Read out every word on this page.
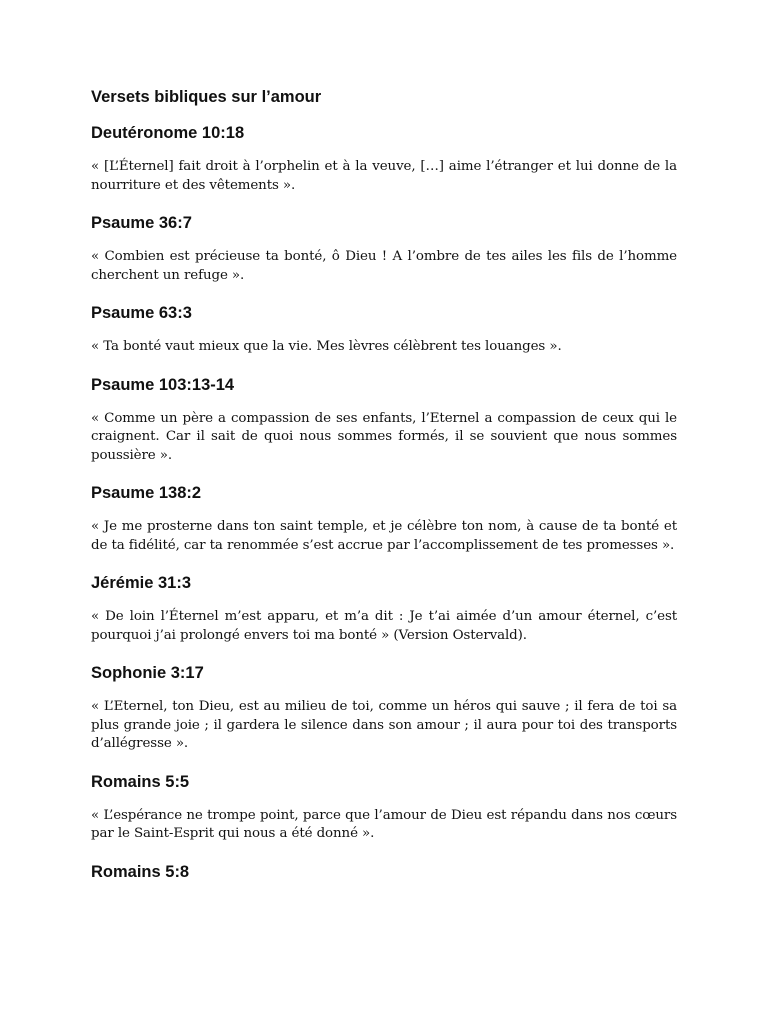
Versets bibliques sur l’amour
Deutéronome 10:18

« [L’Éternel] fait droit à l’orphelin et à la veuve, […] aime l’étranger et lui donne de la nourriture et des vêtements ».

Psaume 36:7

« Combien est précieuse ta bonté, ô Dieu ! A l’ombre de tes ailes les fils de l’homme cherchent un refuge ».

Psaume 63:3

« Ta bonté vaut mieux que la vie. Mes lèvres célèbrent tes louanges ».

Psaume 103:13-14

« Comme un père a compassion de ses enfants, l’Eternel a compassion de ceux qui le craignent. Car il sait de quoi nous sommes formés, il se souvient que nous sommes poussière ».

Psaume 138:2

« Je me prosterne dans ton saint temple, et je célèbre ton nom, à cause de ta bonté et de ta fidélité, car ta renommée s’est accrue par l’accomplissement de tes promesses ».

Jérémie 31:3

« De loin l’Éternel m’est apparu, et m’a dit : Je t’ai aimée d’un amour éternel, c’est pourquoi j’ai prolongé envers toi ma bonté » (Version Ostervald).

Sophonie 3:17

« L’Eternel, ton Dieu, est au milieu de toi, comme un héros qui sauve ; il fera de toi sa plus grande joie ; il gardera le silence dans son amour ; il aura pour toi des transports d’allégresse ».

Romains 5:5

« L’espérance ne trompe point, parce que l’amour de Dieu est répandu dans nos cœurs par le Saint-Esprit qui nous a été donné ».

Romains 5:8
